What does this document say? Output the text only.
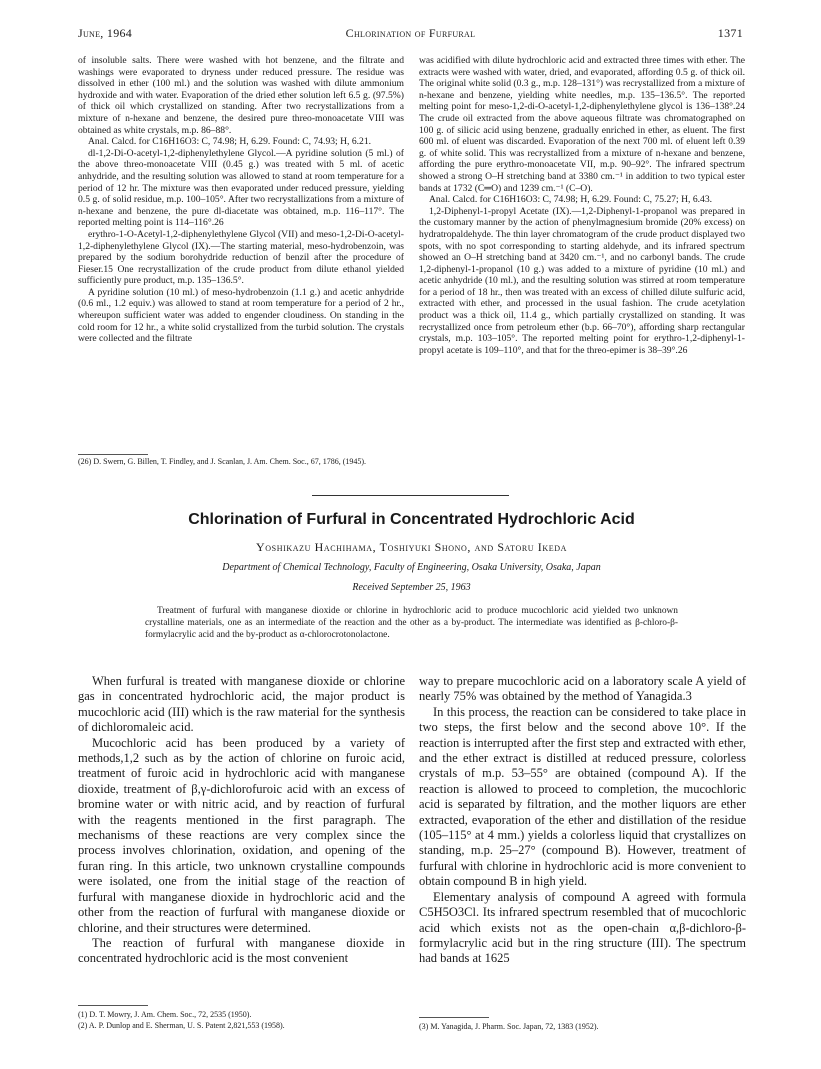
June, 1964	Chlorination of Furfural	1371

of insoluble salts. There were washed with hot benzene, and the filtrate and washings were evaporated to dryness under reduced pressure. The residue was dissolved in ether (100 ml.) and the solution was washed with dilute ammonium hydroxide and with water. Evaporation of the dried ether solution left 6.5 g. (97.5%) of thick oil which crystallized on standing. After two recrystallizations from a mixture of n-hexane and benzene, the desired pure threo-monoacetate VIII was obtained as white crystals, m.p. 86–88°.

Anal. Calcd. for C16H16O3: C, 74.98; H, 6.29. Found: C, 74.93; H, 6.21.

dl-1,2-Di-O-acetyl-1,2-diphenylethylene Glycol.—A pyridine solution (5 ml.) of the above threo-monoacetate VIII (0.45 g.) was treated with 5 ml. of acetic anhydride, and the resulting solution was allowed to stand at room temperature for a period of 12 hr. The mixture was then evaporated under reduced pressure, yielding 0.5 g. of solid residue, m.p. 100–105°. After two recrystallizations from a mixture of n-hexane and benzene, the pure dl-diacetate was obtained, m.p. 116–117°. The reported melting point is 114–116°.26

erythro-1-O-Acetyl-1,2-diphenylethylene Glycol (VII) and meso-1,2-Di-O-acetyl-1,2-diphenylethylene Glycol (IX).—The starting material, meso-hydrobenzoin, was prepared by the sodium borohydride reduction of benzil after the procedure of Fieser.15 One recrystallization of the crude product from dilute ethanol yielded sufficiently pure product, m.p. 135–136.5°.

A pyridine solution (10 ml.) of meso-hydrobenzoin (1.1 g.) and acetic anhydride (0.6 ml., 1.2 equiv.) was allowed to stand at room temperature for a period of 2 hr., whereupon sufficient water was added to engender cloudiness. On standing in the cold room for 12 hr., a white solid crystallized from the turbid solution. The crystals were collected and the filtrate

(26) D. Swern, G. Billen, T. Findley, and J. Scanlan, J. Am. Chem. Soc., 67, 1786, (1945).

was acidified with dilute hydrochloric acid and extracted three times with ether. The extracts were washed with water, dried, and evaporated, affording 0.5 g. of thick oil. The original white solid (0.3 g., m.p. 128–131°) was recrystallized from a mixture of n-hexane and benzene, yielding white needles, m.p. 135–136.5°. The reported melting point for meso-1,2-di-O-acetyl-1,2-diphenylethylene glycol is 136–138°.24 The crude oil extracted from the above aqueous filtrate was chromatographed on 100 g. of silicic acid using benzene, gradually enriched in ether, as eluent. The first 600 ml. of eluent was discarded. Evaporation of the next 700 ml. of eluent left 0.39 g. of white solid. This was recrystallized from a mixture of n-hexane and benzene, affording the pure erythro-monoacetate VII, m.p. 90–92°. The infrared spectrum showed a strong O–H stretching band at 3380 cm.⁻¹ in addition to two typical ester bands at 1732 (C═O) and 1239 cm.⁻¹ (C–O).

Anal. Calcd. for C16H16O3: C, 74.98; H, 6.29. Found: C, 75.27; H, 6.43.

1,2-Diphenyl-1-propyl Acetate (IX).—1,2-Diphenyl-1-propanol was prepared in the customary manner by the action of phenylmagnesium bromide (20% excess) on hydratropaldehyde. The thin layer chromatogram of the crude product displayed two spots, with no spot corresponding to starting aldehyde, and its infrared spectrum showed an O–H stretching band at 3420 cm.⁻¹, and no carbonyl bands. The crude 1,2-diphenyl-1-propanol (10 g.) was added to a mixture of pyridine (10 ml.) and acetic anhydride (10 ml.), and the resulting solution was stirred at room temperature for a period of 18 hr., then was treated with an excess of chilled dilute sulfuric acid, extracted with ether, and processed in the usual fashion. The crude acetylation product was a thick oil, 11.4 g., which partially crystallized on standing. It was recrystallized once from petroleum ether (b.p. 66–70°), affording sharp rectangular crystals, m.p. 103–105°. The reported melting point for erythro-1,2-diphenyl-1-propyl acetate is 109–110°, and that for the threo-epimer is 38–39°.26

Chlorination of Furfural in Concentrated Hydrochloric Acid
Yoshikazu Hachihama, Toshiyuki Shono, and Satoru Ikeda
Department of Chemical Technology, Faculty of Engineering, Osaka University, Osaka, Japan
Received September 25, 1963
Treatment of furfural with manganese dioxide or chlorine in hydrochloric acid to produce mucochloric acid yielded two unknown crystalline materials, one as an intermediate of the reaction and the other as a by-product. The intermediate was identified as β-chloro-β-formylacrylic acid and the by-product as α-chlorocrotonolactone.

When furfural is treated with manganese dioxide or chlorine gas in concentrated hydrochloric acid, the major product is mucochloric acid (III) which is the raw material for the synthesis of dichloromaleic acid.

Mucochloric acid has been produced by a variety of methods,1,2 such as by the action of chlorine on furoic acid, treatment of furoic acid in hydrochloric acid with manganese dioxide, treatment of β,γ-dichlorofuroic acid with an excess of bromine water or with nitric acid, and by reaction of furfural with the reagents mentioned in the first paragraph. The mechanisms of these reactions are very complex since the process involves chlorination, oxidation, and opening of the furan ring. In this article, two unknown crystalline compounds were isolated, one from the initial stage of the reaction of furfural with manganese dioxide in hydrochloric acid and the other from the reaction of furfural with manganese dioxide or chlorine, and their structures were determined.

The reaction of furfural with manganese dioxide in concentrated hydrochloric acid is the most convenient

way to prepare mucochloric acid on a laboratory scale A yield of nearly 75% was obtained by the method of Yanagida.3

In this process, the reaction can be considered to take place in two steps, the first below and the second above 10°. If the reaction is interrupted after the first step and extracted with ether, and the ether extract is distilled at reduced pressure, colorless crystals of m.p. 53–55° are obtained (compound A). If the reaction is allowed to proceed to completion, the mucochloric acid is separated by filtration, and the mother liquors are ether extracted, evaporation of the ether and distillation of the residue (105–115° at 4 mm.) yields a colorless liquid that crystallizes on standing, m.p. 25–27° (compound B). However, treatment of furfural with chlorine in hydrochloric acid is more convenient to obtain compound B in high yield.

Elementary analysis of compound A agreed with formula C5H5O3Cl. Its infrared spectrum resembled that of mucochloric acid which exists not as the open-chain α,β-dichloro-β-formylacrylic acid but in the ring structure (III). The spectrum had bands at 1625

(1) D. T. Mowry, J. Am. Chem. Soc., 72, 2535 (1950).

(2) A. P. Dunlop and E. Sherman, U. S. Patent 2,821,553 (1958).	(3) M. Yanagida, J. Pharm. Soc. Japan, 72, 1383 (1952).
